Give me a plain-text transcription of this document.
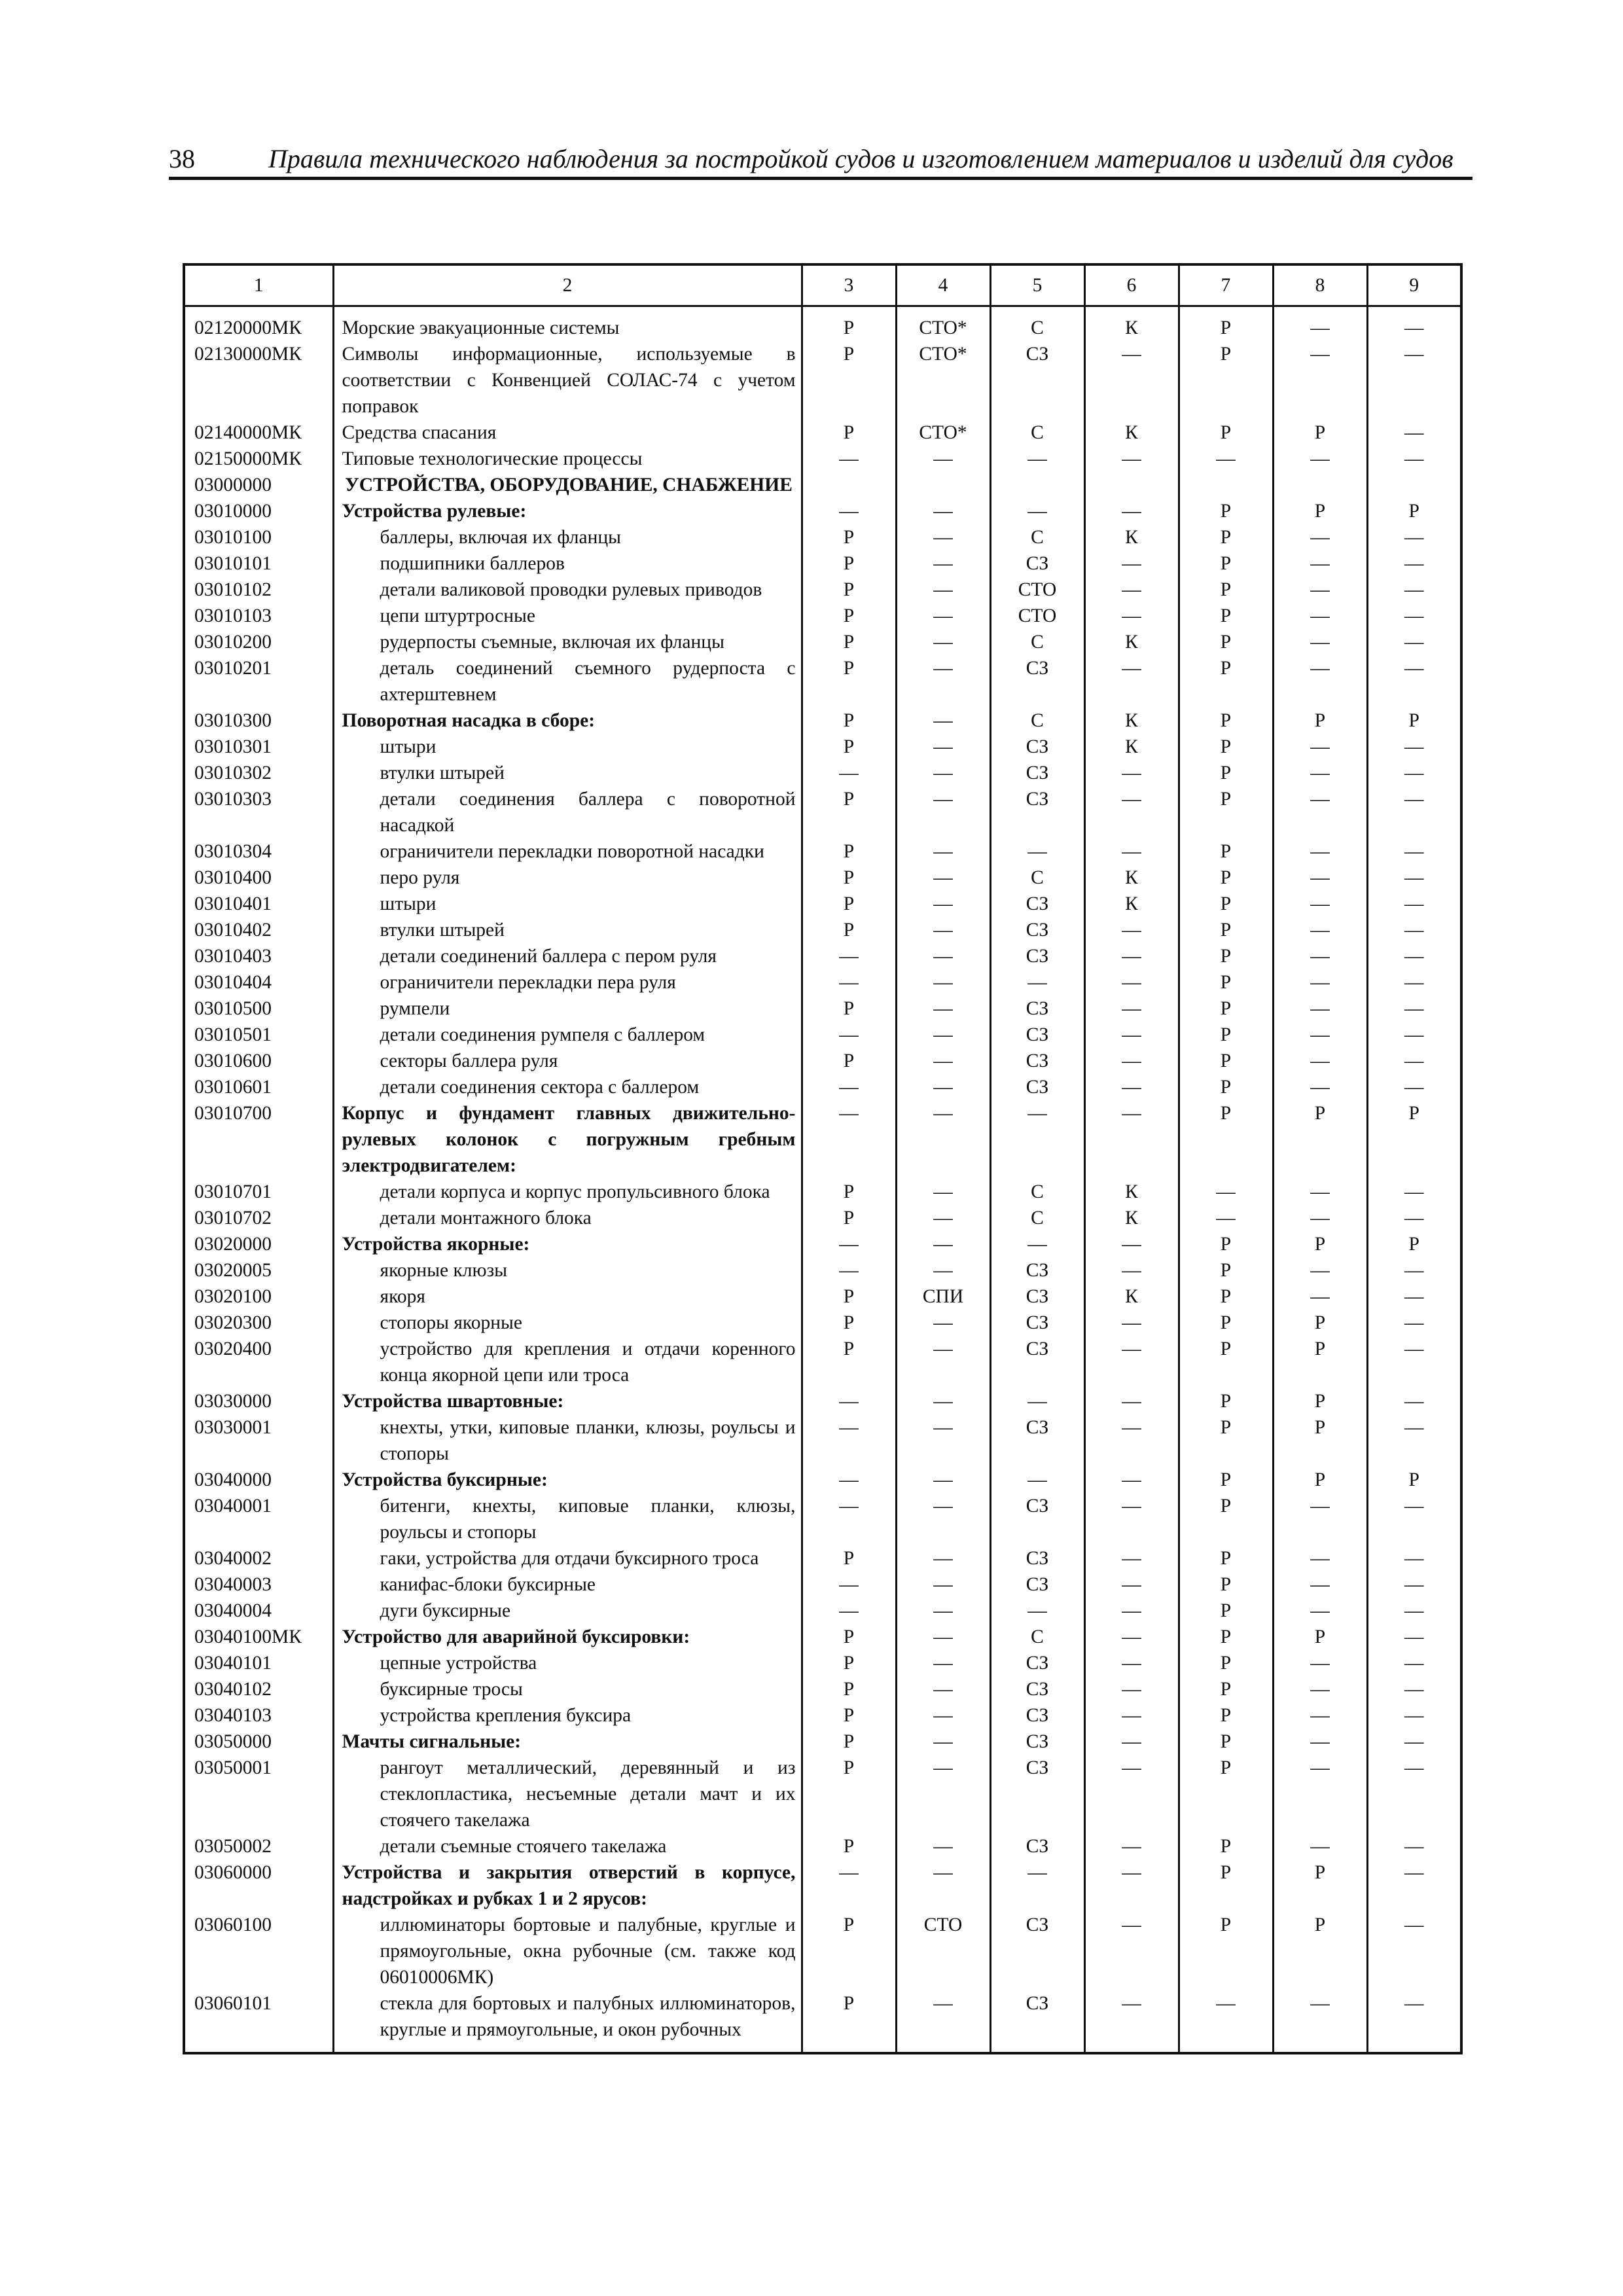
38	Правила технического наблюдения за постройкой судов и изготовлением материалов и изделий для судов
1	2	3	4	5	6	7	8	9
02120000МК	Морские эвакуационные системы	Р	СТО*	С	К	Р	—	—
02130000МК	Символы информационные, используемые в соответствии с Конвенцией СОЛАС-74 с учетом поправок	Р	СТО*	СЗ	—	Р	—	—
02140000МК	Средства спасания	Р	СТО*	С	К	Р	Р	—
02150000МК	Типовые технологические процессы	—	—	—	—	—	—	—
03000000	УСТРОЙСТВА, ОБОРУДОВАНИЕ, СНАБЖЕНИЕ							

03010000	Устройства рулевые:	—	—	—	—	Р	Р	Р
03010100	баллеры, включая их фланцы	Р	—	С	К	Р	—	—
03010101	подшипники баллеров	Р	—	СЗ	—	Р	—	—
03010102	детали валиковой проводки рулевых приводов	Р	—	СТО	—	Р	—	—
03010103	цепи штуртросные	Р	—	СТО	—	Р	—	—
03010200	рудерпосты съемные, включая их фланцы	Р	—	С	К	Р	—	—
03010201	деталь соединений съемного рудерпоста с ахтерштевнем	Р	—	СЗ	—	Р	—	—
03010300	Поворотная насадка в сборе:	Р	—	С	К	Р	Р	Р
03010301	штыри	Р	—	СЗ	К	Р	—	—
03010302	втулки штырей	—	—	СЗ	—	Р	—	—
03010303	детали соединения баллера с поворотной насадкой	Р	—	СЗ	—	Р	—	—
03010304	ограничители перекладки поворотной насадки	Р	—	—	—	Р	—	—
03010400	перо руля	Р	—	С	К	Р	—	—
03010401	штыри	Р	—	СЗ	К	Р	—	—
03010402	втулки штырей	Р	—	СЗ	—	Р	—	—
03010403	детали соединений баллера с пером руля	—	—	СЗ	—	Р	—	—
03010404	ограничители перекладки пера руля	—	—	—	—	Р	—	—
03010500	румпели	Р	—	СЗ	—	Р	—	—
03010501	детали соединения румпеля с баллером	—	—	СЗ	—	Р	—	—
03010600	секторы баллера руля	Р	—	СЗ	—	Р	—	—
03010601	детали соединения сектора с баллером	—	—	СЗ	—	Р	—	—
03010700	Корпус и фундамент главных движительно-рулевых колонок с погружным гребным электродвигателем:	—	—	—	—	Р	Р	Р
03010701	детали корпуса и корпус пропульсивного блока	Р	—	С	К	—	—	—
03010702	детали монтажного блока	Р	—	С	К	—	—	—
03020000	Устройства якорные:	—	—	—	—	Р	Р	Р
03020005	якорные клюзы	—	—	СЗ	—	Р	—	—
03020100	якоря	Р	СПИ	СЗ	К	Р	—	—
03020300	стопоры якорные	Р	—	СЗ	—	Р	Р	—
03020400	устройство для крепления и отдачи коренного конца якорной цепи или троса	Р	—	СЗ	—	Р	Р	—
03030000	Устройства швартовные:	—	—	—	—	Р	Р	—
03030001	кнехты, утки, киповые планки, клюзы, роульсы и стопоры	—	—	СЗ	—	Р	Р	—
03040000	Устройства буксирные:	—	—	—	—	Р	Р	Р
03040001	битенги, кнехты, киповые планки, клюзы, роульсы и стопоры	—	—	СЗ	—	Р	—	—
03040002	гаки, устройства для отдачи буксирного троса	Р	—	СЗ	—	Р	—	—
03040003	канифас-блоки буксирные	—	—	СЗ	—	Р	—	—
03040004	дуги буксирные	—	—	—	—	Р	—	—
03040100МК	Устройство для аварийной буксировки:	Р	—	С	—	Р	Р	—
03040101	цепные устройства	Р	—	СЗ	—	Р	—	—
03040102	буксирные тросы	Р	—	СЗ	—	Р	—	—
03040103	устройства крепления буксира	Р	—	СЗ	—	Р	—	—
03050000	Мачты сигнальные:	Р	—	СЗ	—	Р	—	—
03050001	рангоут металлический, деревянный и из стеклопластика, несъемные детали мачт и их стоячего такелажа	Р	—	СЗ	—	Р	—	—
03050002	детали съемные стоячего такелажа	Р	—	СЗ	—	Р	—	—
03060000	Устройства и закрытия отверстий в корпусе, надстройках и рубках 1 и 2 ярусов:	—	—	—	—	Р	Р	—
03060100	иллюминаторы бортовые и палубные, круглые и прямоугольные, окна рубочные (см. также код 06010006МК)	Р	СТО	СЗ	—	Р	Р	—
03060101	стекла для бортовых и палубных иллюминаторов, круглые и прямоугольные, и окон рубочных	Р	—	СЗ	—	—	—	—
